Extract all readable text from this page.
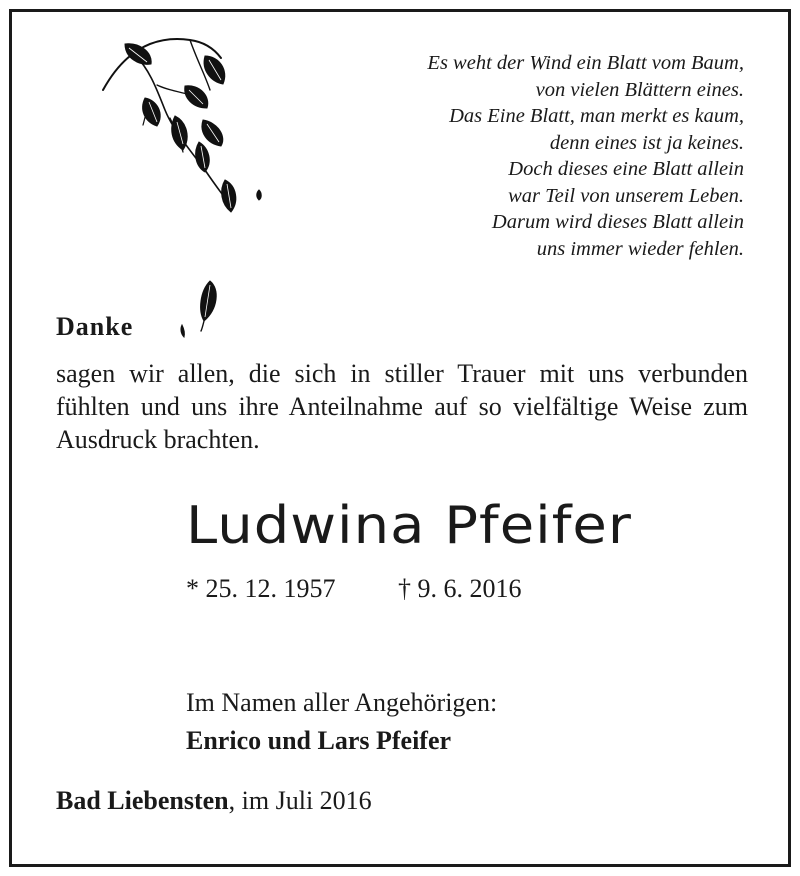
Es weht der Wind ein Blatt vom Baum,
von vielen Blättern eines.
Das Eine Blatt, man merkt es kaum,
denn eines ist ja keines.
Doch dieses eine Blatt allein
war Teil von unserem Leben.
Darum wird dieses Blatt allein
uns immer wieder fehlen.
Danke
sagen wir allen, die sich in stiller Trauer mit uns verbunden fühlten und uns ihre Anteilnahme auf so vielfältige Weise zum Ausdruck brachten.
Ludwina Pfeifer
* 25. 12. 1957 † 9. 6. 2016
Im Namen aller Angehörigen:
Enrico und Lars Pfeifer
Bad Liebensten, im Juli 2016
